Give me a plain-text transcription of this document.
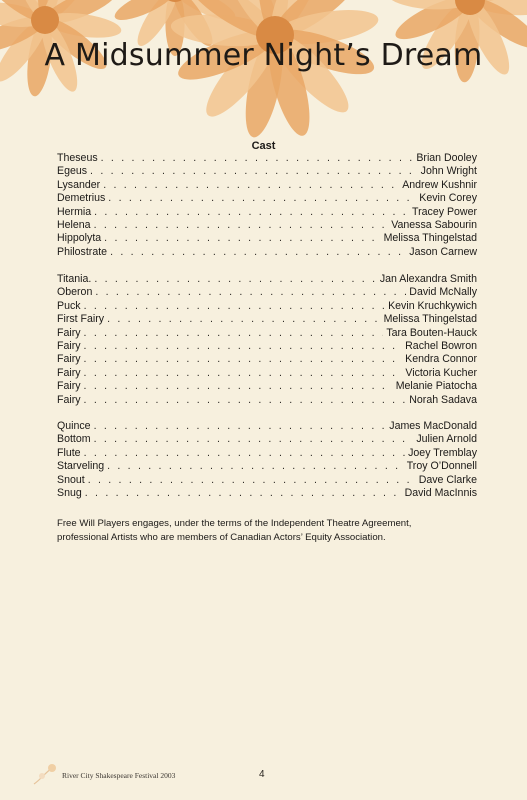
A Midsummer Night’s Dream
Cast
Theseus . . .	Brian Dooley
Egeus . . .	John Wright
Lysander . . .	Andrew Kushnir
Demetrius . . .	Kevin Corey
Hermia . . .	Tracey Power
Helena . . .	Vanessa Sabourin
Hippolyta . . .	Melissa Thingelstad
Philostrate . . .	Jason Carnew
Titania. . . .	Jan Alexandra Smith
Oberon . . .	David McNally
Puck . . .	Kevin Kruchkywich
First Fairy . . .	Melissa Thingelstad
Fairy . . .	Tara Bouten-Hauck
Fairy . . .	Rachel Bowron
Fairy . . .	Kendra Connor
Fairy . . .	Victoria Kucher
Fairy . . .	Melanie Piatocha
Fairy . . .	Norah Sadava
Quince . . .	James MacDonald
Bottom . . .	Julien Arnold
Flute . . .	Joey Tremblay
Starveling . . .	Troy O’Donnell
Snout . . .	Dave Clarke
Snug . . .	David MacInnis
Free Will Players engages, under the terms of the Independent Theatre Agreement,
professional Artists who are members of Canadian Actors’ Equity Association.
River City Shakespeare Festival 2003	4
